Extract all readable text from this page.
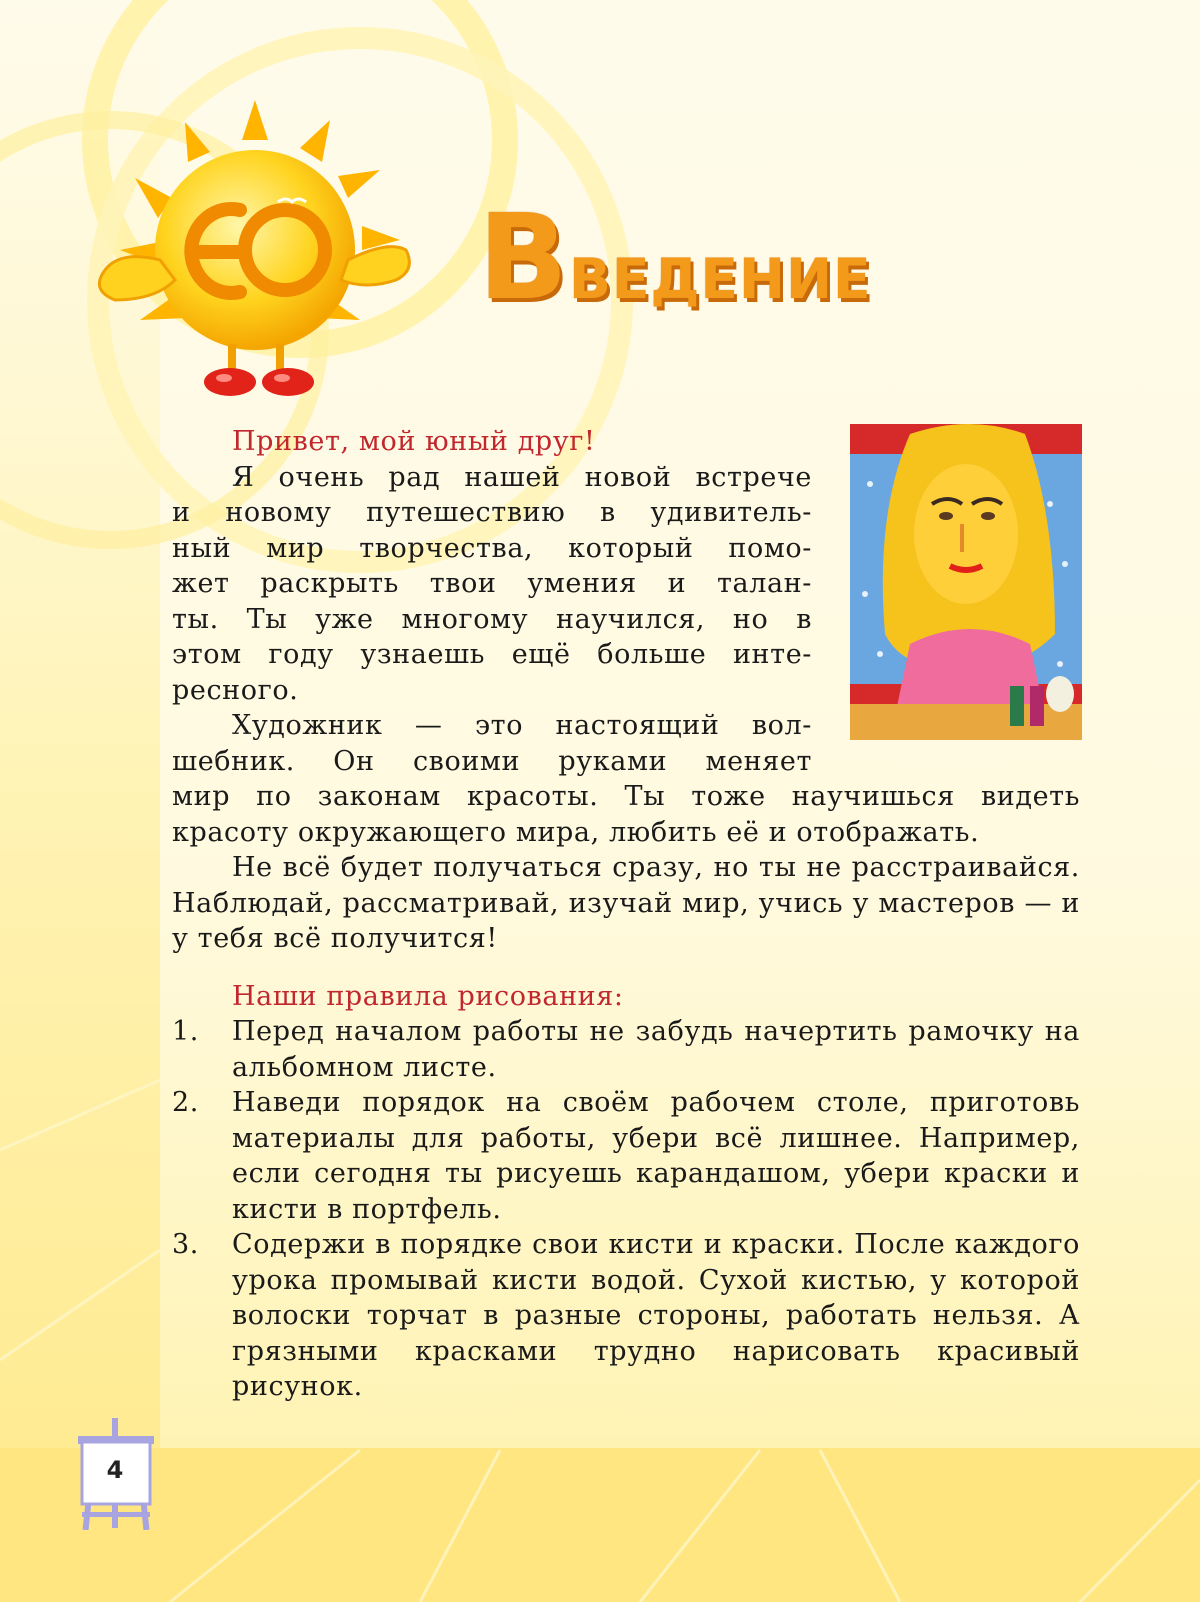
Введение

Привет, мой юный друг!

Я очень рад нашей новой встрече

и новому путешествию в удивитель-

ный мир творчества, который помо-

жет раскрыть твои умения и талан-

ты. Ты уже многому научился, но в

этом году узнаешь ещё больше инте-

ресного.

Художник — это настоящий вол-

шебник. Он своими руками меняет

мир по законам красоты. Ты тоже научишься видеть красоту окружающего мира, любить её и отображать.

Не всё будет получаться сразу, но ты не расстраивайся. Наблюдай, рассматривай, изучай мир, учись у мастеров — и у тебя всё получится!

Наши правила рисования:

1. Перед началом работы не забудь начертить рамочку на альбомном листе.
2. Наведи порядок на своём рабочем столе, приготовь материалы для работы, убери всё лишнее. Например, если сегодня ты рисуешь карандашом, убери краски и кисти в портфель.
3. Содержи в порядке свои кисти и краски. После каждого урока промывай кисти водой. Сухой кистью, у которой волоски торчат в разные стороны, работать нельзя. А грязными красками трудно нарисовать красивый рисунок.
4
